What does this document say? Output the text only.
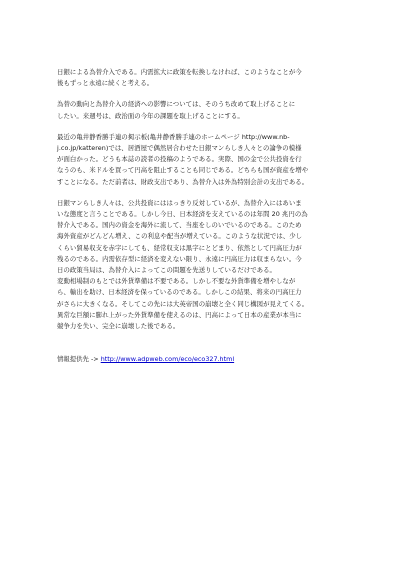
日銀による為替介入である。内需拡大に政策を転換しなければ、このようなことが今
後もずっと永遠に続くと考える。

為替の動向と為替介入の経済への影響については、そのうち改めて取上げることに
したい。来週号は、政治面の今年の課題を取上げることにする。

最近の亀井静香勝手連の掲示板(亀井静香勝手連のホームページ http://www.nb-
j.co.jp/katteren)では、居酒屋で偶然居合わせた日銀マンらしき人々との論争の模様
が面白かった。どうも本誌の読者の投稿のようである。実際、国の金で公共投資を行
なうのも、米ドルを買って円高を阻止することも同じである。どちらも国が資産を増や
すことになる。ただ前者は、財政支出であり、為替介入は外為特別会計の支出である。

日銀マンらしき人々は、公共投資にははっきり反対しているが、為替介入にはあいま
いな態度と言うことである。しかし今日、日本経済を支えているのは年間 20 兆円の為
替介入である。国内の資金を海外に流して、当座をしのいでいるのである。このため
海外資産がどんどん増え、この利息や配当が増えている。このような状況では、少し
くらい貿易収支を赤字にしても、経常収支は黒字にとどまり、依然として円高圧力が
残るのである。内需依存型に経済を変えない限り、永遠に円高圧力は収まらない。今
日の政策当局は、為替介入によってこの問題を先送りしているだけである。

変動相場制のもとでは外貨準備は不要である。しかし不要な外貨準備を増やしなが
ら、輸出を助け、日本経済を保っているのである。しかしこの結果、将来の円高圧力
がさらに大きくなる。そしてこの先には大英帝国の崩壊と全く同じ構図が見えてくる。
異常な巨額に膨れ上がった外貨準備を使えるのは、円高によって日本の産業が本当に
競争力を失い、完全に崩壊した後である。

情報提供先 -> http://www.adpweb.com/eco/eco327.html
